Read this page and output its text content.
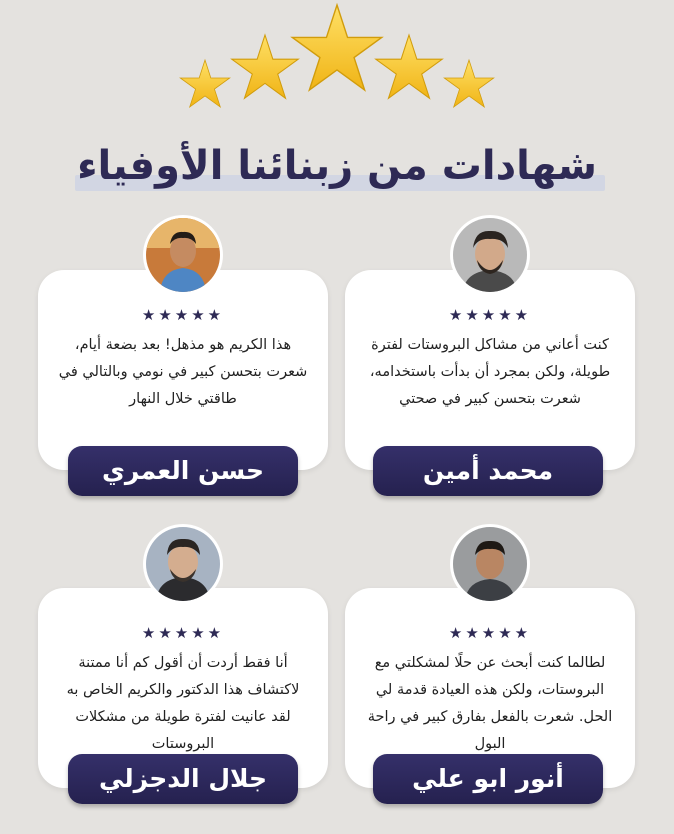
شهادات من زبنائنا الأوفياء
★★★★★
كنت أعاني من مشاكل البروستات لفترة طويلة، ولكن بمجرد أن بدأت باستخدامه، شعرت بتحسن كبير في صحتي
محمد أمين
★★★★★
هذا الكريم هو مذهل! بعد بضعة أيام، شعرت بتحسن كبير في نومي وبالتالي في طاقتي خلال النهار
حسن العمري
★★★★★
لطالما كنت أبحث عن حلًا لمشكلتي مع البروستات، ولكن هذه العيادة قدمة لي الحل. شعرت بالفعل بفارق كبير في راحة البول
أنور ابو علي
★★★★★
أنا فقط أردت أن أقول كم أنا ممتنة لاكتشاف هذا الدكتور والكريم الخاص به لقد عانيت لفترة طويلة من مشكلات البروستات
جلال الدجزلي
